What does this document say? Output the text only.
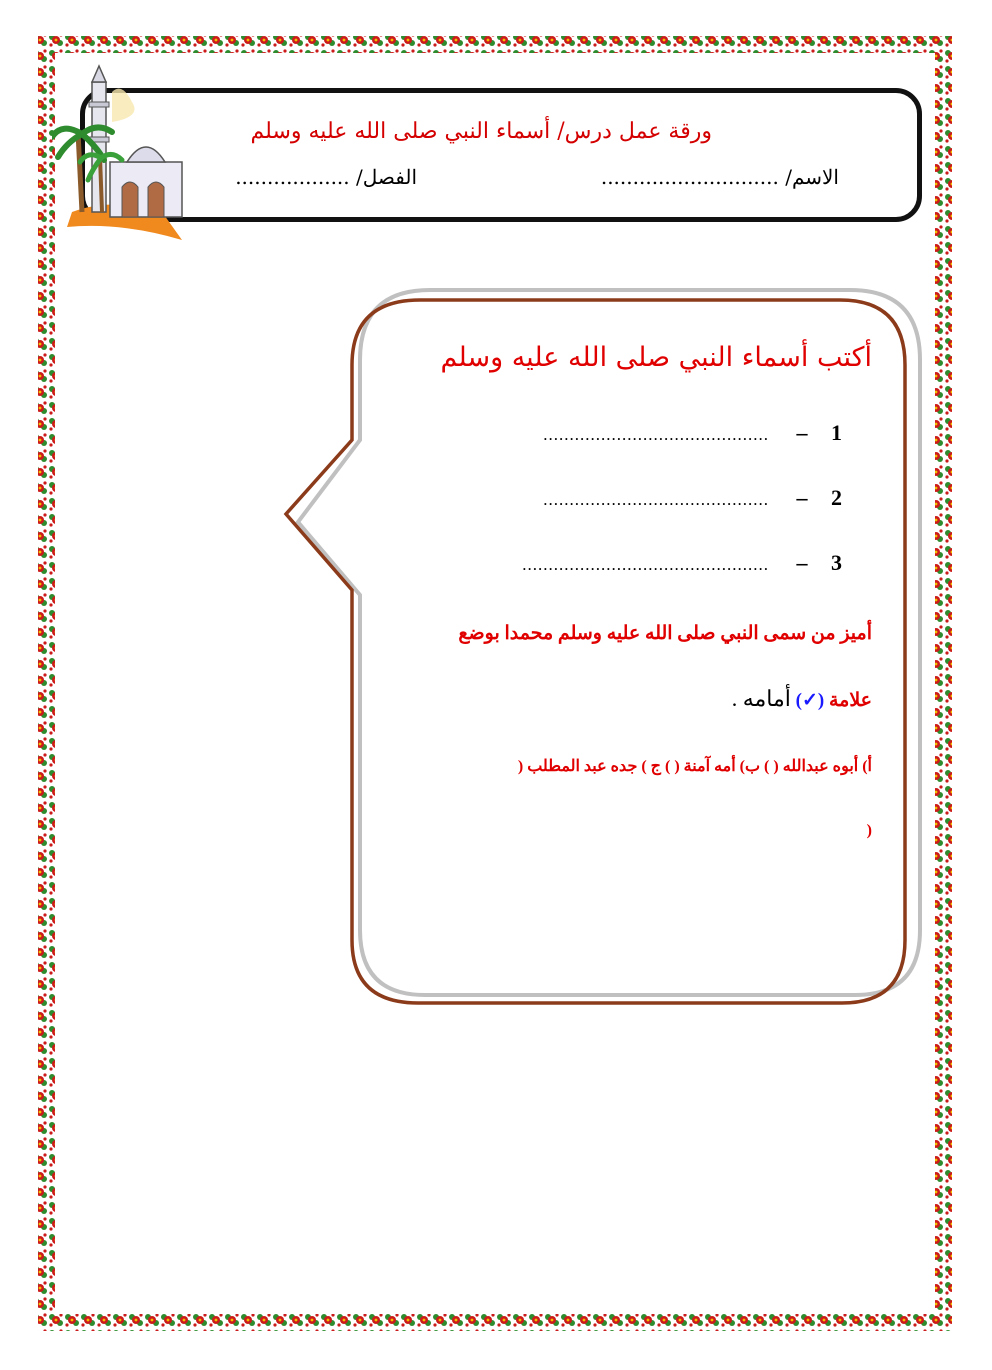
ورقة عمل درس/ أسماء النبي صلى الله عليه وسلم
الاسم/ ............................
الفصل/ ..................
أكتب أسماء النبي صلى الله عليه وسلم
1 – ...........................................
2 – ...........................................
3 – ...............................................
أميز من سمى النبي صلى الله عليه وسلم محمدا بوضع
علامة (✓) أمامه .
أ) أبوه عبدالله ( ) ب) أمه آمنة ( ) ج ) جده عبد المطلب (
)
